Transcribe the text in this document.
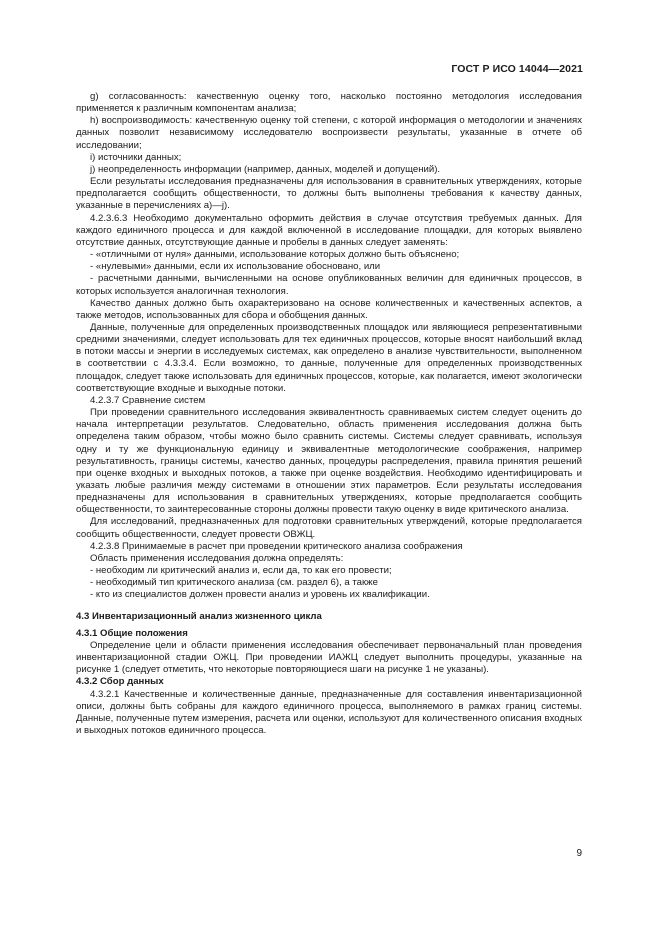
ГОСТ Р ИСО 14044—2021

g) согласованность: качественную оценку того, насколько постоянно методология исследования применяется к различным компонентам анализа;

h) воспроизводимость: качественную оценку той степени, с которой информация о методологии и значениях данных позволит независимому исследователю воспроизвести результаты, указанные в отчете об исследовании;

i) источники данных;

j) неопределенность информации (например, данных, моделей и допущений).

Если результаты исследования предназначены для использования в сравнительных утверждениях, которые предполагается сообщить общественности, то должны быть выполнены требования к качеству данных, указанные в перечислениях а)—j).

4.2.3.6.3 Необходимо документально оформить действия в случае отсутствия требуемых данных. Для каждого единичного процесса и для каждой включенной в исследование площадки, для которых выявлено отсутствие данных, отсутствующие данные и пробелы в данных следует заменять:

- «отличными от нуля» данными, использование которых должно быть объяснено;

- «нулевыми» данными, если их использование обосновано, или

- расчетными данными, вычисленными на основе опубликованных величин для единичных процессов, в которых используется аналогичная технология.

Качество данных должно быть охарактеризовано на основе количественных и качественных аспектов, а также методов, использованных для сбора и обобщения данных.

Данные, полученные для определенных производственных площадок или являющиеся репрезентативными средними значениями, следует использовать для тех единичных процессов, которые вносят наибольший вклад в потоки массы и энергии в исследуемых системах, как определено в анализе чувствительности, выполненном в соответствии с 4.3.3.4. Если возможно, то данные, полученные для определенных производственных площадок, следует также использовать для единичных процессов, которые, как полагается, имеют экологически соответствующие входные и выходные потоки.

4.2.3.7 Сравнение систем

При проведении сравнительного исследования эквивалентность сравниваемых систем следует оценить до начала интерпретации результатов. Следовательно, область применения исследования должна быть определена таким образом, чтобы можно было сравнить системы. Системы следует сравнивать, используя одну и ту же функциональную единицу и эквивалентные методологические соображения, например результативность, границы системы, качество данных, процедуры распределения, правила принятия решений при оценке входных и выходных потоков, а также при оценке воздействия. Необходимо идентифицировать и указать любые различия между системами в отношении этих параметров. Если результаты исследования предназначены для использования в сравнительных утверждениях, которые предполагается сообщить общественности, то заинтересованные стороны должны провести такую оценку в виде критического анализа.

Для исследований, предназначенных для подготовки сравнительных утверждений, которые предполагается сообщить общественности, следует провести ОВЖЦ.

4.2.3.8 Принимаемые в расчет при проведении критического анализа соображения

Область применения исследования должна определять:

- необходим ли критический анализ и, если да, то как его провести;

- необходимый тип критического анализа (см. раздел 6), а также

- кто из специалистов должен провести анализ и уровень их квалификации.

4.3 Инвентаризационный анализ жизненного цикла

4.3.1 Общие положения

Определение цели и области применения исследования обеспечивает первоначальный план проведения инвентаризационной стадии ОЖЦ. При проведении ИАЖЦ следует выполнить процедуры, указанные на рисунке 1 (следует отметить, что некоторые повторяющиеся шаги на рисунке 1 не указаны).

4.3.2 Сбор данных

4.3.2.1 Качественные и количественные данные, предназначенные для составления инвентаризационной описи, должны быть собраны для каждого единичного процесса, выполняемого в рамках границ системы. Данные, полученные путем измерения, расчета или оценки, используют для количественного описания входных и выходных потоков единичного процесса.

9
